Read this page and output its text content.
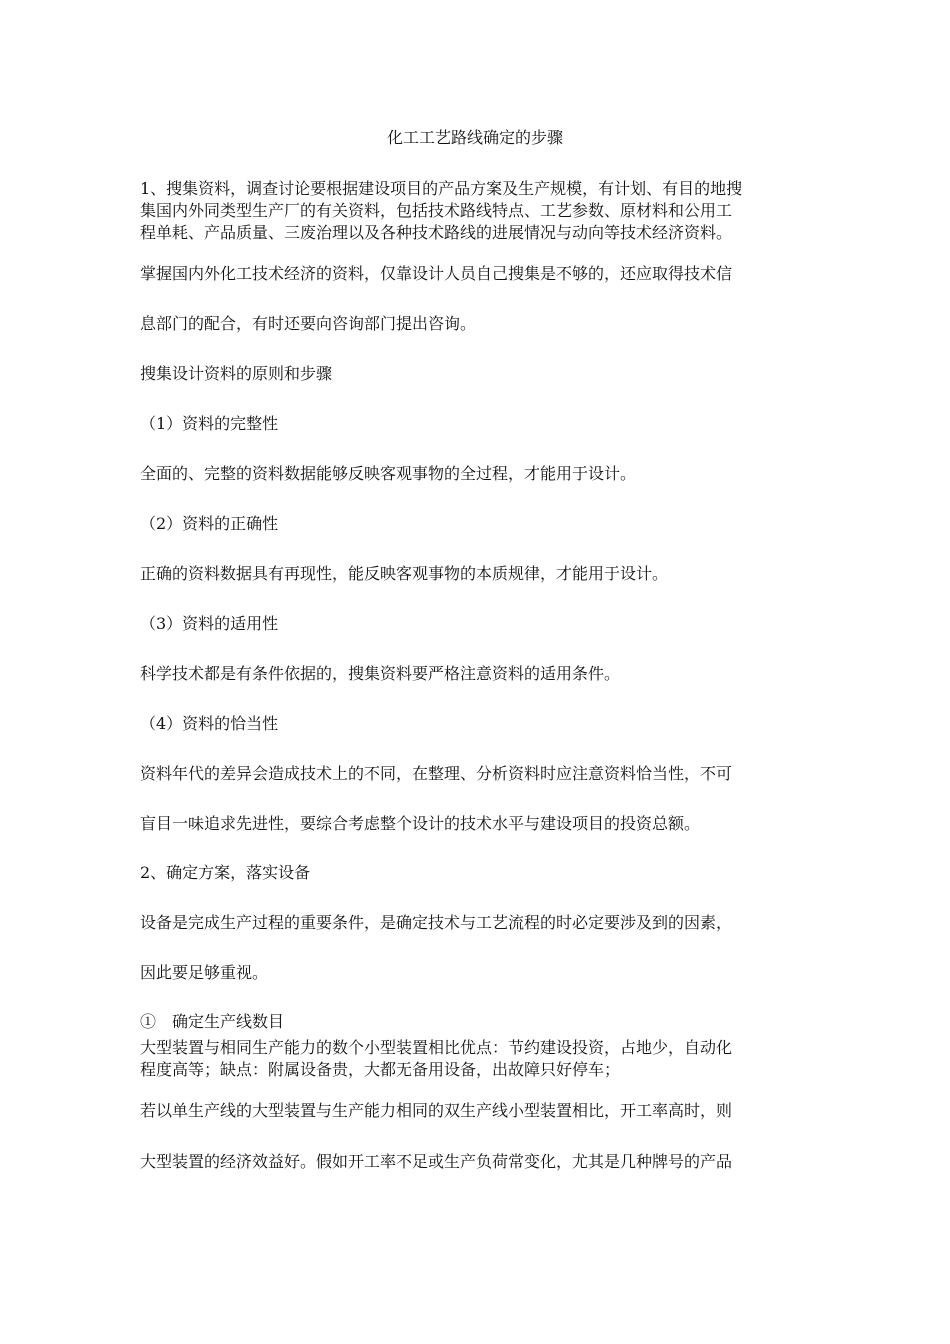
化工工艺路线确定的步骤
1、搜集资料，调查讨论要根据建设项目的产品方案及生产规模，有计划、有目的地搜
集国内外同类型生产厂的有关资料，包括技术路线特点、工艺参数、原材料和公用工
程单耗、产品质量、三废治理以及各种技术路线的进展情况与动向等技术经济资料。
掌握国内外化工技术经济的资料，仅靠设计人员自己搜集是不够的，还应取得技术信
息部门的配合，有时还要向咨询部门提出咨询。
搜集设计资料的原则和步骤
（1）资料的完整性
全面的、完整的资料数据能够反映客观事物的全过程，才能用于设计。
（2）资料的正确性
正确的资料数据具有再现性，能反映客观事物的本质规律，才能用于设计。
（3）资料的适用性
科学技术都是有条件依据的，搜集资料要严格注意资料的适用条件。
（4）资料的恰当性
资料年代的差异会造成技术上的不同，在整理、分析资料时应注意资料恰当性，不可
盲目一味追求先进性，要综合考虑整个设计的技术水平与建设项目的投资总额。
2、确定方案，落实设备
设备是完成生产过程的重要条件，是确定技术与工艺流程的时必定要涉及到的因素，
因此要足够重视。
①　确定生产线数目
大型装置与相同生产能力的数个小型装置相比优点：节约建设投资，占地少，自动化
程度高等；缺点：附属设备贵，大都无备用设备，出故障只好停车；
若以单生产线的大型装置与生产能力相同的双生产线小型装置相比，开工率高时，则
大型装置的经济效益好。假如开工率不足或生产负荷常变化，尤其是几种牌号的产品
